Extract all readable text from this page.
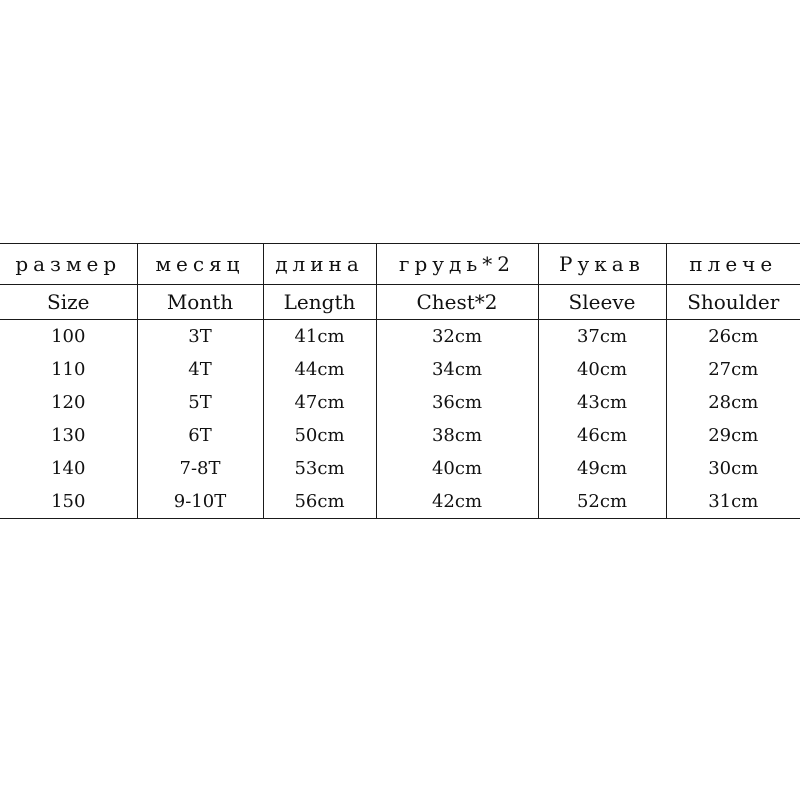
размер	месяц	длина	грудь*2	Рукав	плече
Size	Month	Length	Chest*2	Sleeve	Shoulder
100	3T	41cm	32cm	37cm	26cm
110	4T	44cm	34cm	40cm	27cm
120	5T	47cm	36cm	43cm	28cm
130	6T	50cm	38cm	46cm	29cm
140	7-8T	53cm	40cm	49cm	30cm
150	9-10T	56cm	42cm	52cm	31cm
